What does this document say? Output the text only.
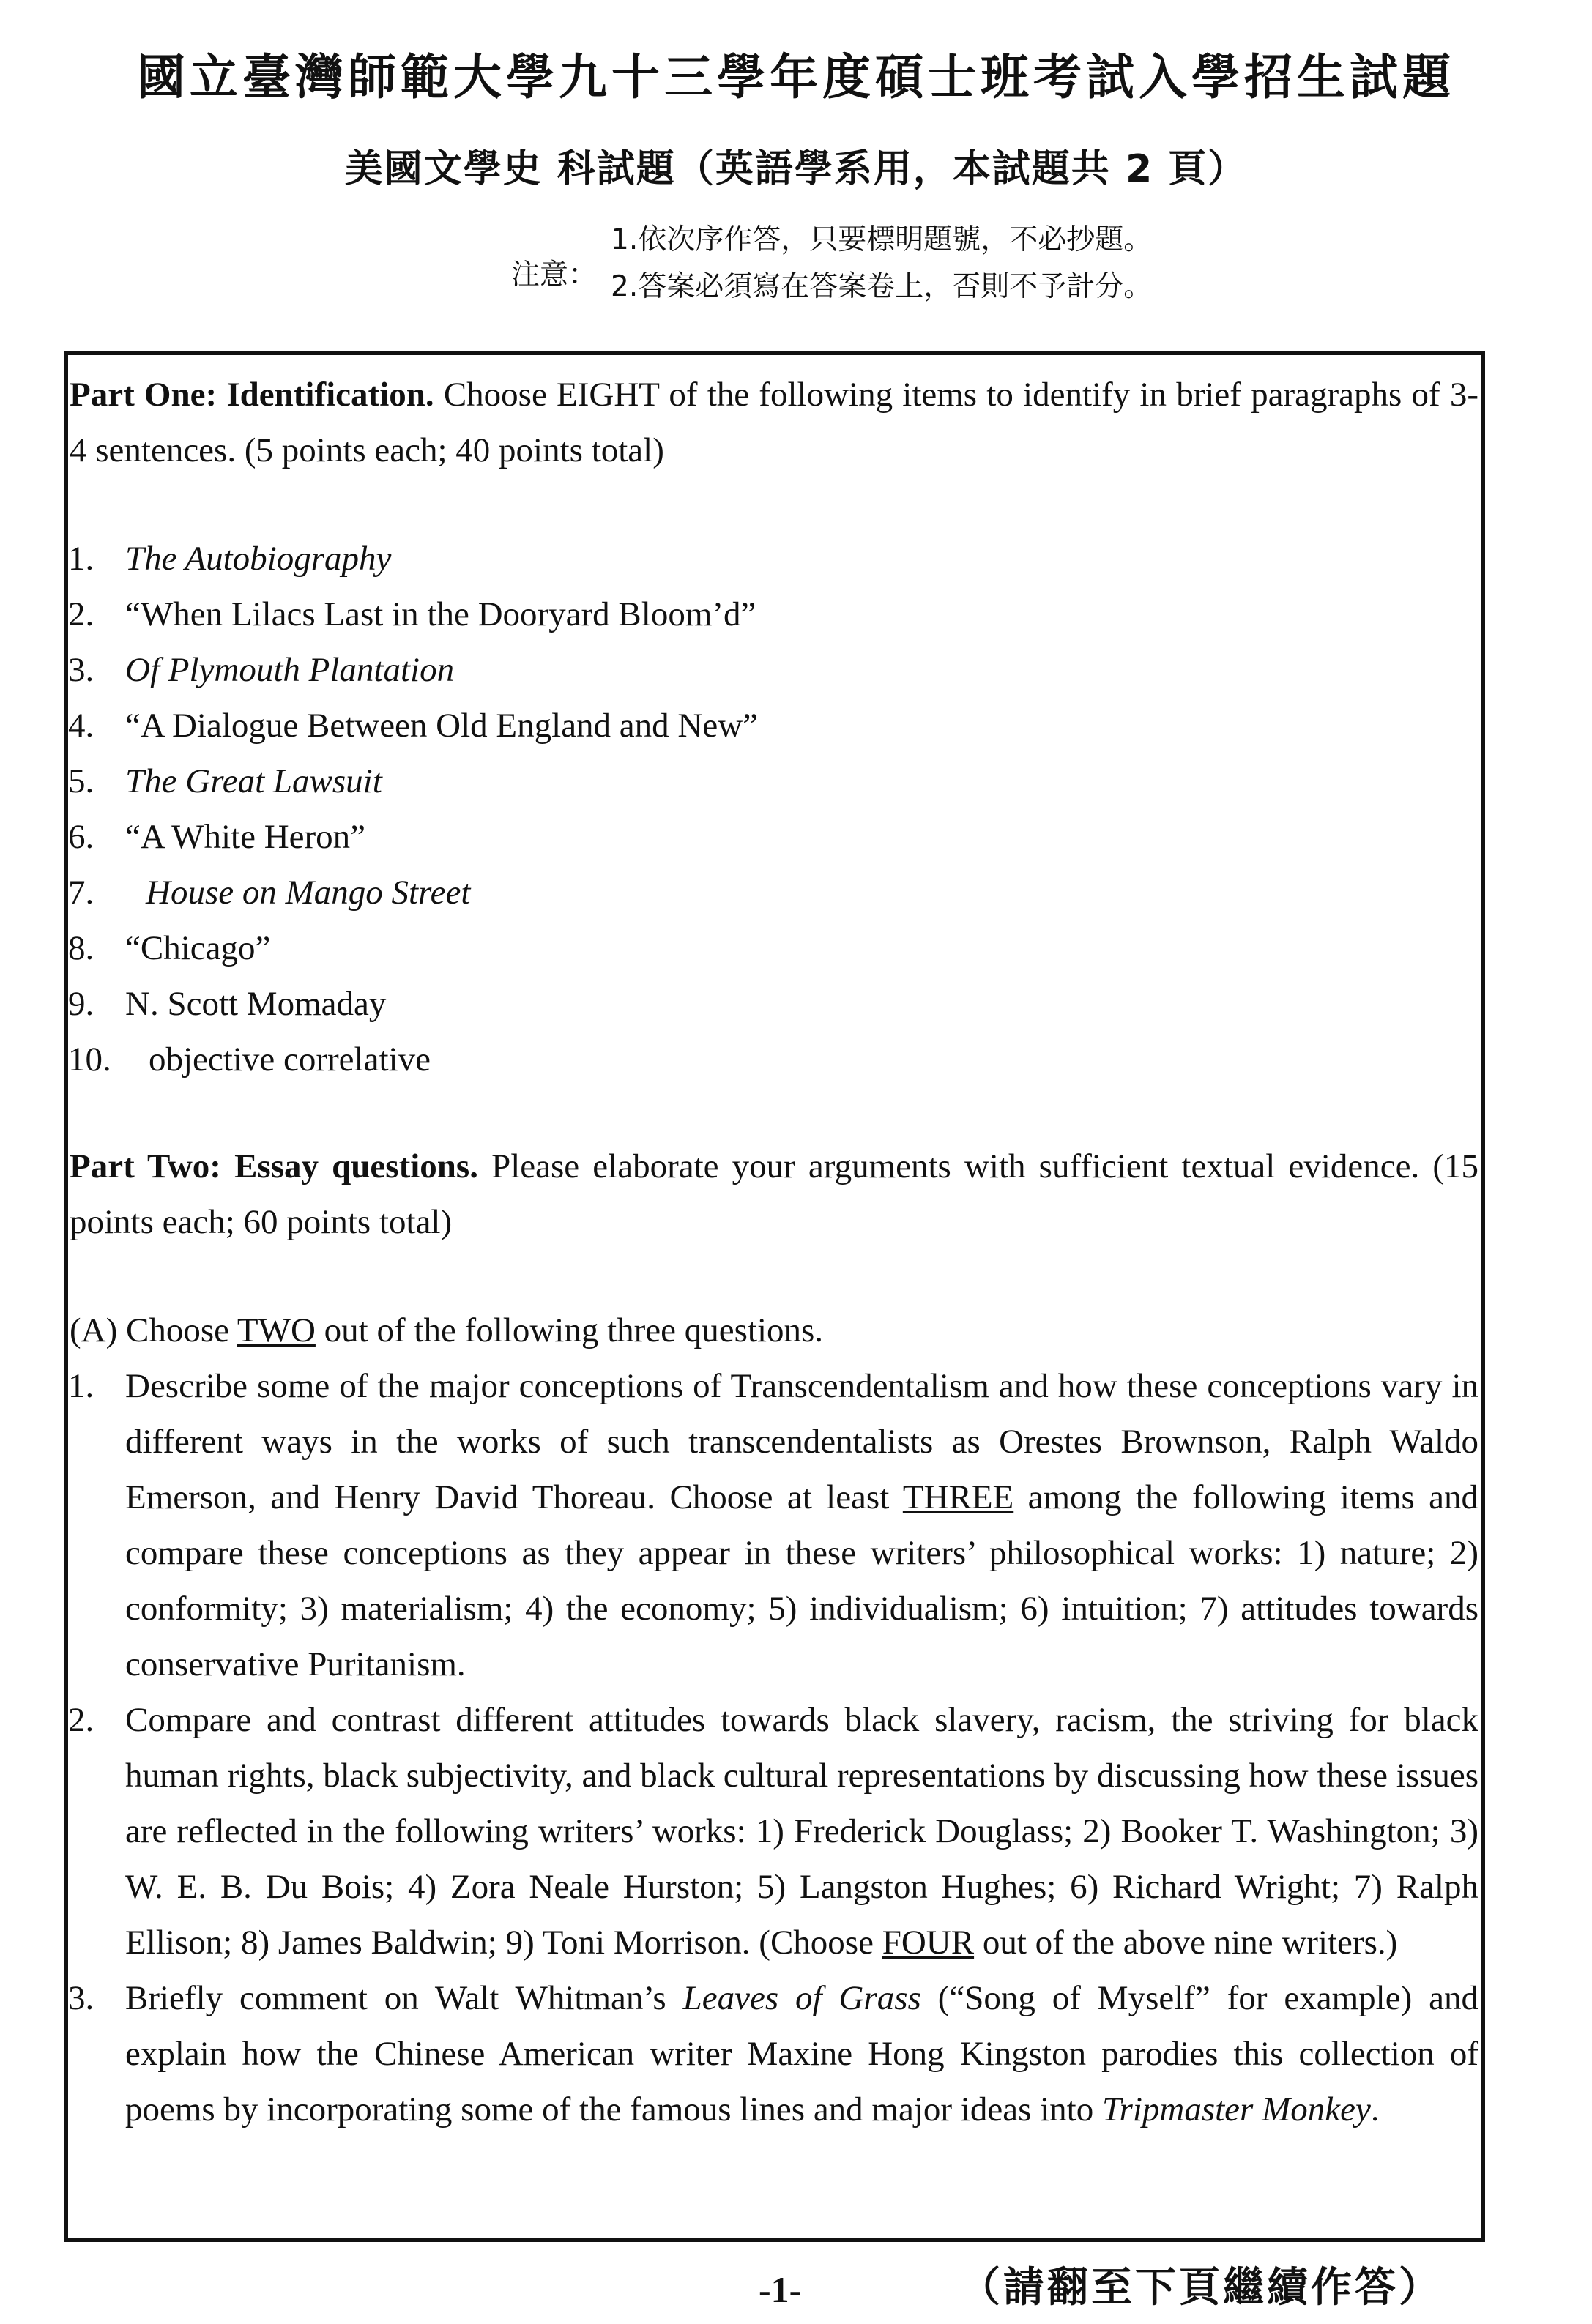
國立臺灣師範大學九十三學年度碩士班考試入學招生試題
美國文學史 科試題（英語學系用，本試題共 2 頁）
注意：
1.依次序作答，只要標明題號，不必抄題。
2.答案必須寫在答案卷上，否則不予計分。

Part One: Identification. Choose EIGHT of the following items to identify in brief paragraphs of 3-4 sentences. (5 points each; 40 points total)

1. The Autobiography
2. “When Lilacs Last in the Dooryard Bloom’d”
3. Of Plymouth Plantation
4. “A Dialogue Between Old England and New”
5. The Great Lawsuit
6. “A White Heron”
7.	House on Mango Street
8. “Chicago”
9. N. Scott Momaday
10.	objective correlative

Part Two: Essay questions. Please elaborate your arguments with sufficient textual evidence. (15 points each; 60 points total)

(A) Choose TWO out of the following three questions.

1. Describe some of the major conceptions of Transcendentalism and how these conceptions vary in different ways in the works of such transcendentalists as Orestes Brownson, Ralph Waldo Emerson, and Henry David Thoreau. Choose at least THREE among the following items and compare these conceptions as they appear in these writers’ philosophical works: 1) nature; 2) conformity; 3) materialism; 4) the economy; 5) individualism; 6) intuition; 7) attitudes towards conservative Puritanism.
2. Compare and contrast different attitudes towards black slavery, racism, the striving for black human rights, black subjectivity, and black cultural representations by discussing how these issues are reflected in the following writers’ works: 1) Frederick Douglass; 2) Booker T. Washington; 3) W. E. B. Du Bois; 4) Zora Neale Hurston; 5) Langston Hughes; 6) Richard Wright; 7) Ralph Ellison; 8) James Baldwin; 9) Toni Morrison. (Choose FOUR out of the above nine writers.)
3. Briefly comment on Walt Whitman’s Leaves of Grass (“Song of Myself” for example) and explain how the Chinese American writer Maxine Hong Kingston parodies this collection of poems by incorporating some of the famous lines and major ideas into Tripmaster Monkey.
-1-	（請翻至下頁繼續作答）
